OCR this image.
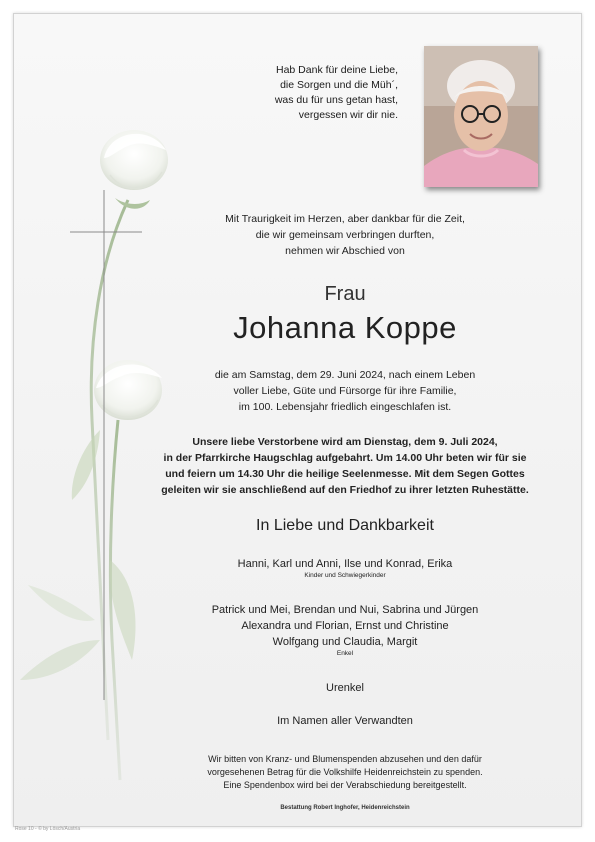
Hab Dank für deine Liebe,
die Sorgen und die Müh´,
was du für uns getan hast,
vergessen wir dir nie.
Mit Traurigkeit im Herzen, aber dankbar für die Zeit,
die wir gemeinsam verbringen durften,
nehmen wir Abschied von
Frau
Johanna Koppe
die am Samstag, dem 29. Juni 2024, nach einem Leben
voller Liebe, Güte und Fürsorge für ihre Familie,
im 100. Lebensjahr friedlich eingeschlafen ist.
Unsere liebe Verstorbene wird am Dienstag, dem 9. Juli 2024,
in der Pfarrkirche Haugschlag aufgebahrt. Um 14.00 Uhr beten wir für sie
und feiern um 14.30 Uhr die heilige Seelenmesse. Mit dem Segen Gottes
geleiten wir sie anschließend auf den Friedhof zu ihrer letzten Ruhestätte.
In Liebe und Dankbarkeit
Hanni, Karl und Anni, Ilse und Konrad, Erika
Kinder und Schwiegerkinder
Patrick und Mei, Brendan und Nui, Sabrina und Jürgen
Alexandra und Florian, Ernst und Christine
Wolfgang und Claudia, Margit
Enkel
Urenkel
Im Namen aller Verwandten
Wir bitten von Kranz- und Blumenspenden abzusehen und den dafür
vorgesehenen Betrag für die Volkshilfe Heidenreichstein zu spenden.
Eine Spendenbox wird bei der Verabschiedung bereitgestellt.
Bestattung Robert Inghofer, Heidenreichstein
Rose 10 - © by Lösch/Austria
